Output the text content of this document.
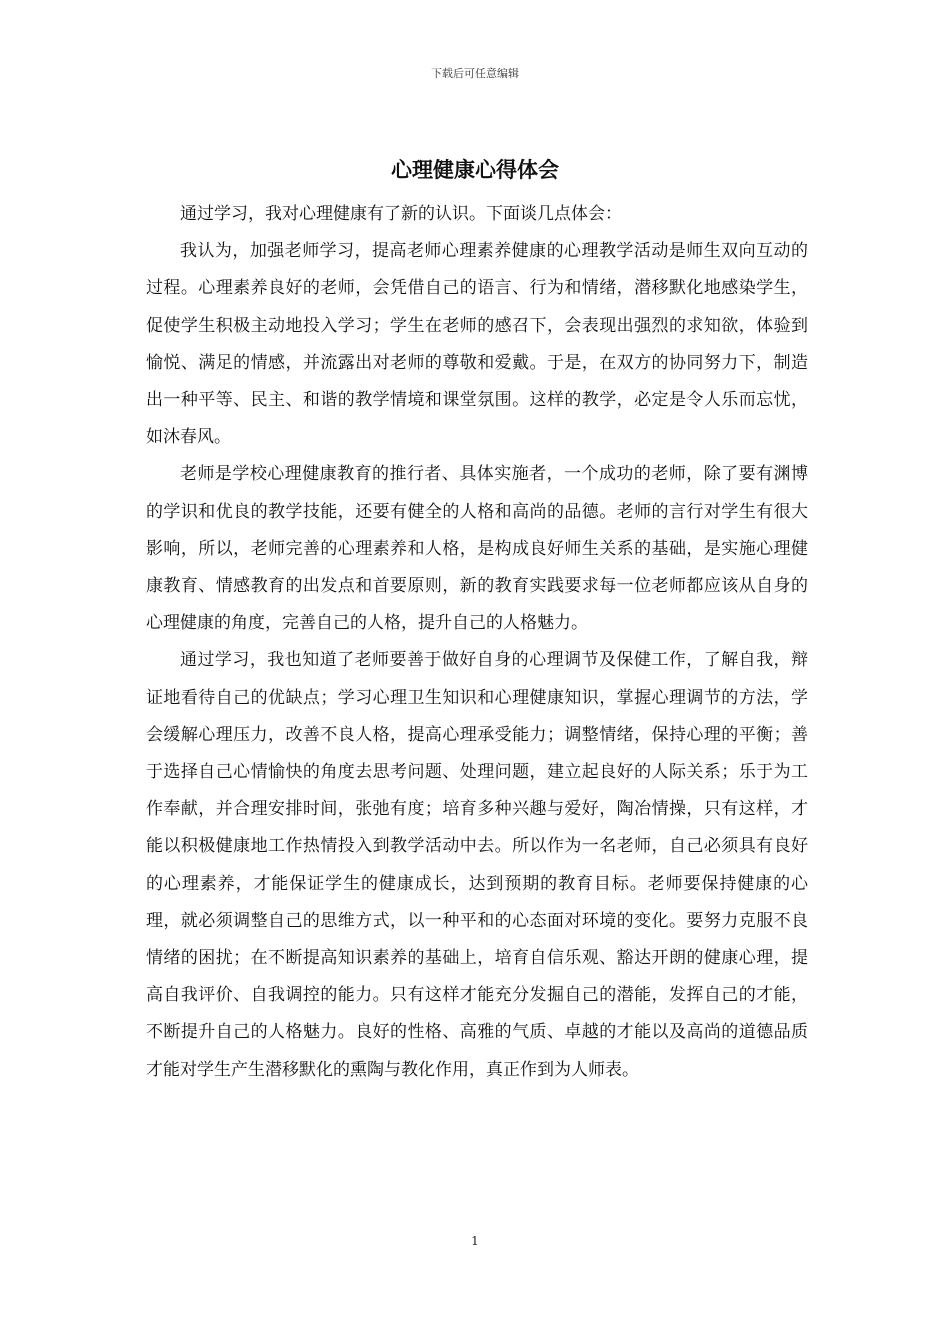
下载后可任意编辑
心理健康心得体会

通过学习，我对心理健康有了新的认识。下面谈几点体会：

我认为，加强老师学习，提高老师心理素养健康的心理教学活动是师生双向互动的过程。心理素养良好的老师，会凭借自己的语言、行为和情绪，潜移默化地感染学生，促使学生积极主动地投入学习；学生在老师的感召下，会表现出强烈的求知欲，体验到愉悦、满足的情感，并流露出对老师的尊敬和爱戴。于是，在双方的协同努力下，制造出一种平等、民主、和谐的教学情境和课堂氛围。这样的教学，必定是令人乐而忘忧，如沐春风。

老师是学校心理健康教育的推行者、具体实施者，一个成功的老师，除了要有渊博的学识和优良的教学技能，还要有健全的人格和高尚的品德。老师的言行对学生有很大影响，所以，老师完善的心理素养和人格，是构成良好师生关系的基础，是实施心理健康教育、情感教育的出发点和首要原则，新的教育实践要求每一位老师都应该从自身的心理健康的角度，完善自己的人格，提升自己的人格魅力。

通过学习，我也知道了老师要善于做好自身的心理调节及保健工作，了解自我，辩证地看待自己的优缺点；学习心理卫生知识和心理健康知识，掌握心理调节的方法，学会缓解心理压力，改善不良人格，提高心理承受能力；调整情绪，保持心理的平衡；善于选择自己心情愉快的角度去思考问题、处理问题，建立起良好的人际关系；乐于为工作奉献，并合理安排时间，张弛有度；培育多种兴趣与爱好，陶冶情操，只有这样，才能以积极健康地工作热情投入到教学活动中去。所以作为一名老师，自己必须具有良好的心理素养，才能保证学生的健康成长，达到预期的教育目标。老师要保持健康的心理，就必须调整自己的思维方式，以一种平和的心态面对环境的变化。要努力克服不良情绪的困扰；在不断提高知识素养的基础上，培育自信乐观、豁达开朗的健康心理，提高自我评价、自我调控的能力。只有这样才能充分发掘自己的潜能，发挥自己的才能，不断提升自己的人格魅力。良好的性格、高雅的气质、卓越的才能以及高尚的道德品质才能对学生产生潜移默化的熏陶与教化作用，真正作到为人师表。

1
